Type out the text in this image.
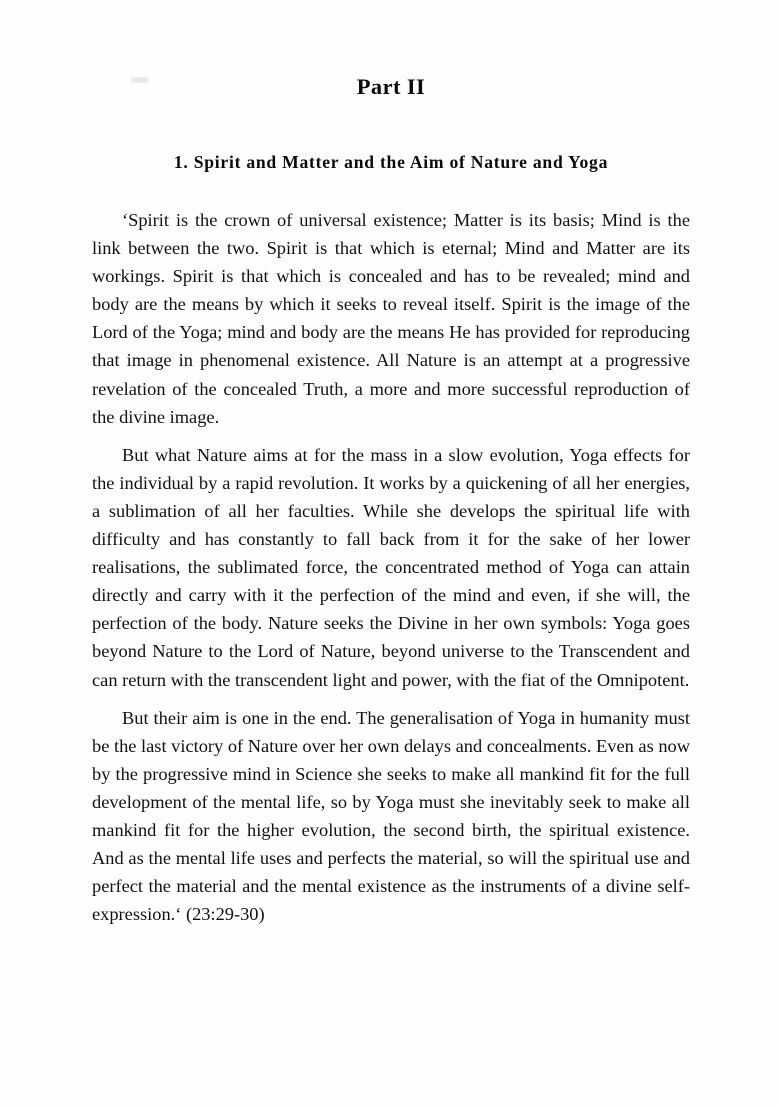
Part II
1. Spirit and Matter and the Aim of Nature and Yoga

‘Spirit is the crown of universal existence; Matter is its basis; Mind is the link between the two. Spirit is that which is eternal; Mind and Matter are its workings. Spirit is that which is concealed and has to be revealed; mind and body are the means by which it seeks to reveal itself. Spirit is the image of the Lord of the Yoga; mind and body are the means He has provided for reproducing that image in phenomenal existence. All Nature is an attempt at a progressive revelation of the concealed Truth, a more and more successful reproduction of the divine image.

But what Nature aims at for the mass in a slow evolution, Yoga effects for the individual by a rapid revolution. It works by a quickening of all her energies, a sublimation of all her faculties. While she develops the spiritual life with difficulty and has constantly to fall back from it for the sake of her lower realisations, the sublimated force, the concentrated method of Yoga can attain directly and carry with it the perfection of the mind and even, if she will, the perfection of the body. Nature seeks the Divine in her own symbols: Yoga goes beyond Nature to the Lord of Nature, beyond universe to the Transcendent and can return with the transcendent light and power, with the fiat of the Omnipotent.

But their aim is one in the end. The generalisation of Yoga in humanity must be the last victory of Nature over her own delays and concealments. Even as now by the progressive mind in Science she seeks to make all mankind fit for the full development of the mental life, so by Yoga must she inevitably seek to make all mankind fit for the higher evolution, the second birth, the spiritual existence. And as the mental life uses and perfects the material, so will the spiritual use and perfect the material and the mental existence as the instruments of a divine self-expression.‘ (23:29-30)
